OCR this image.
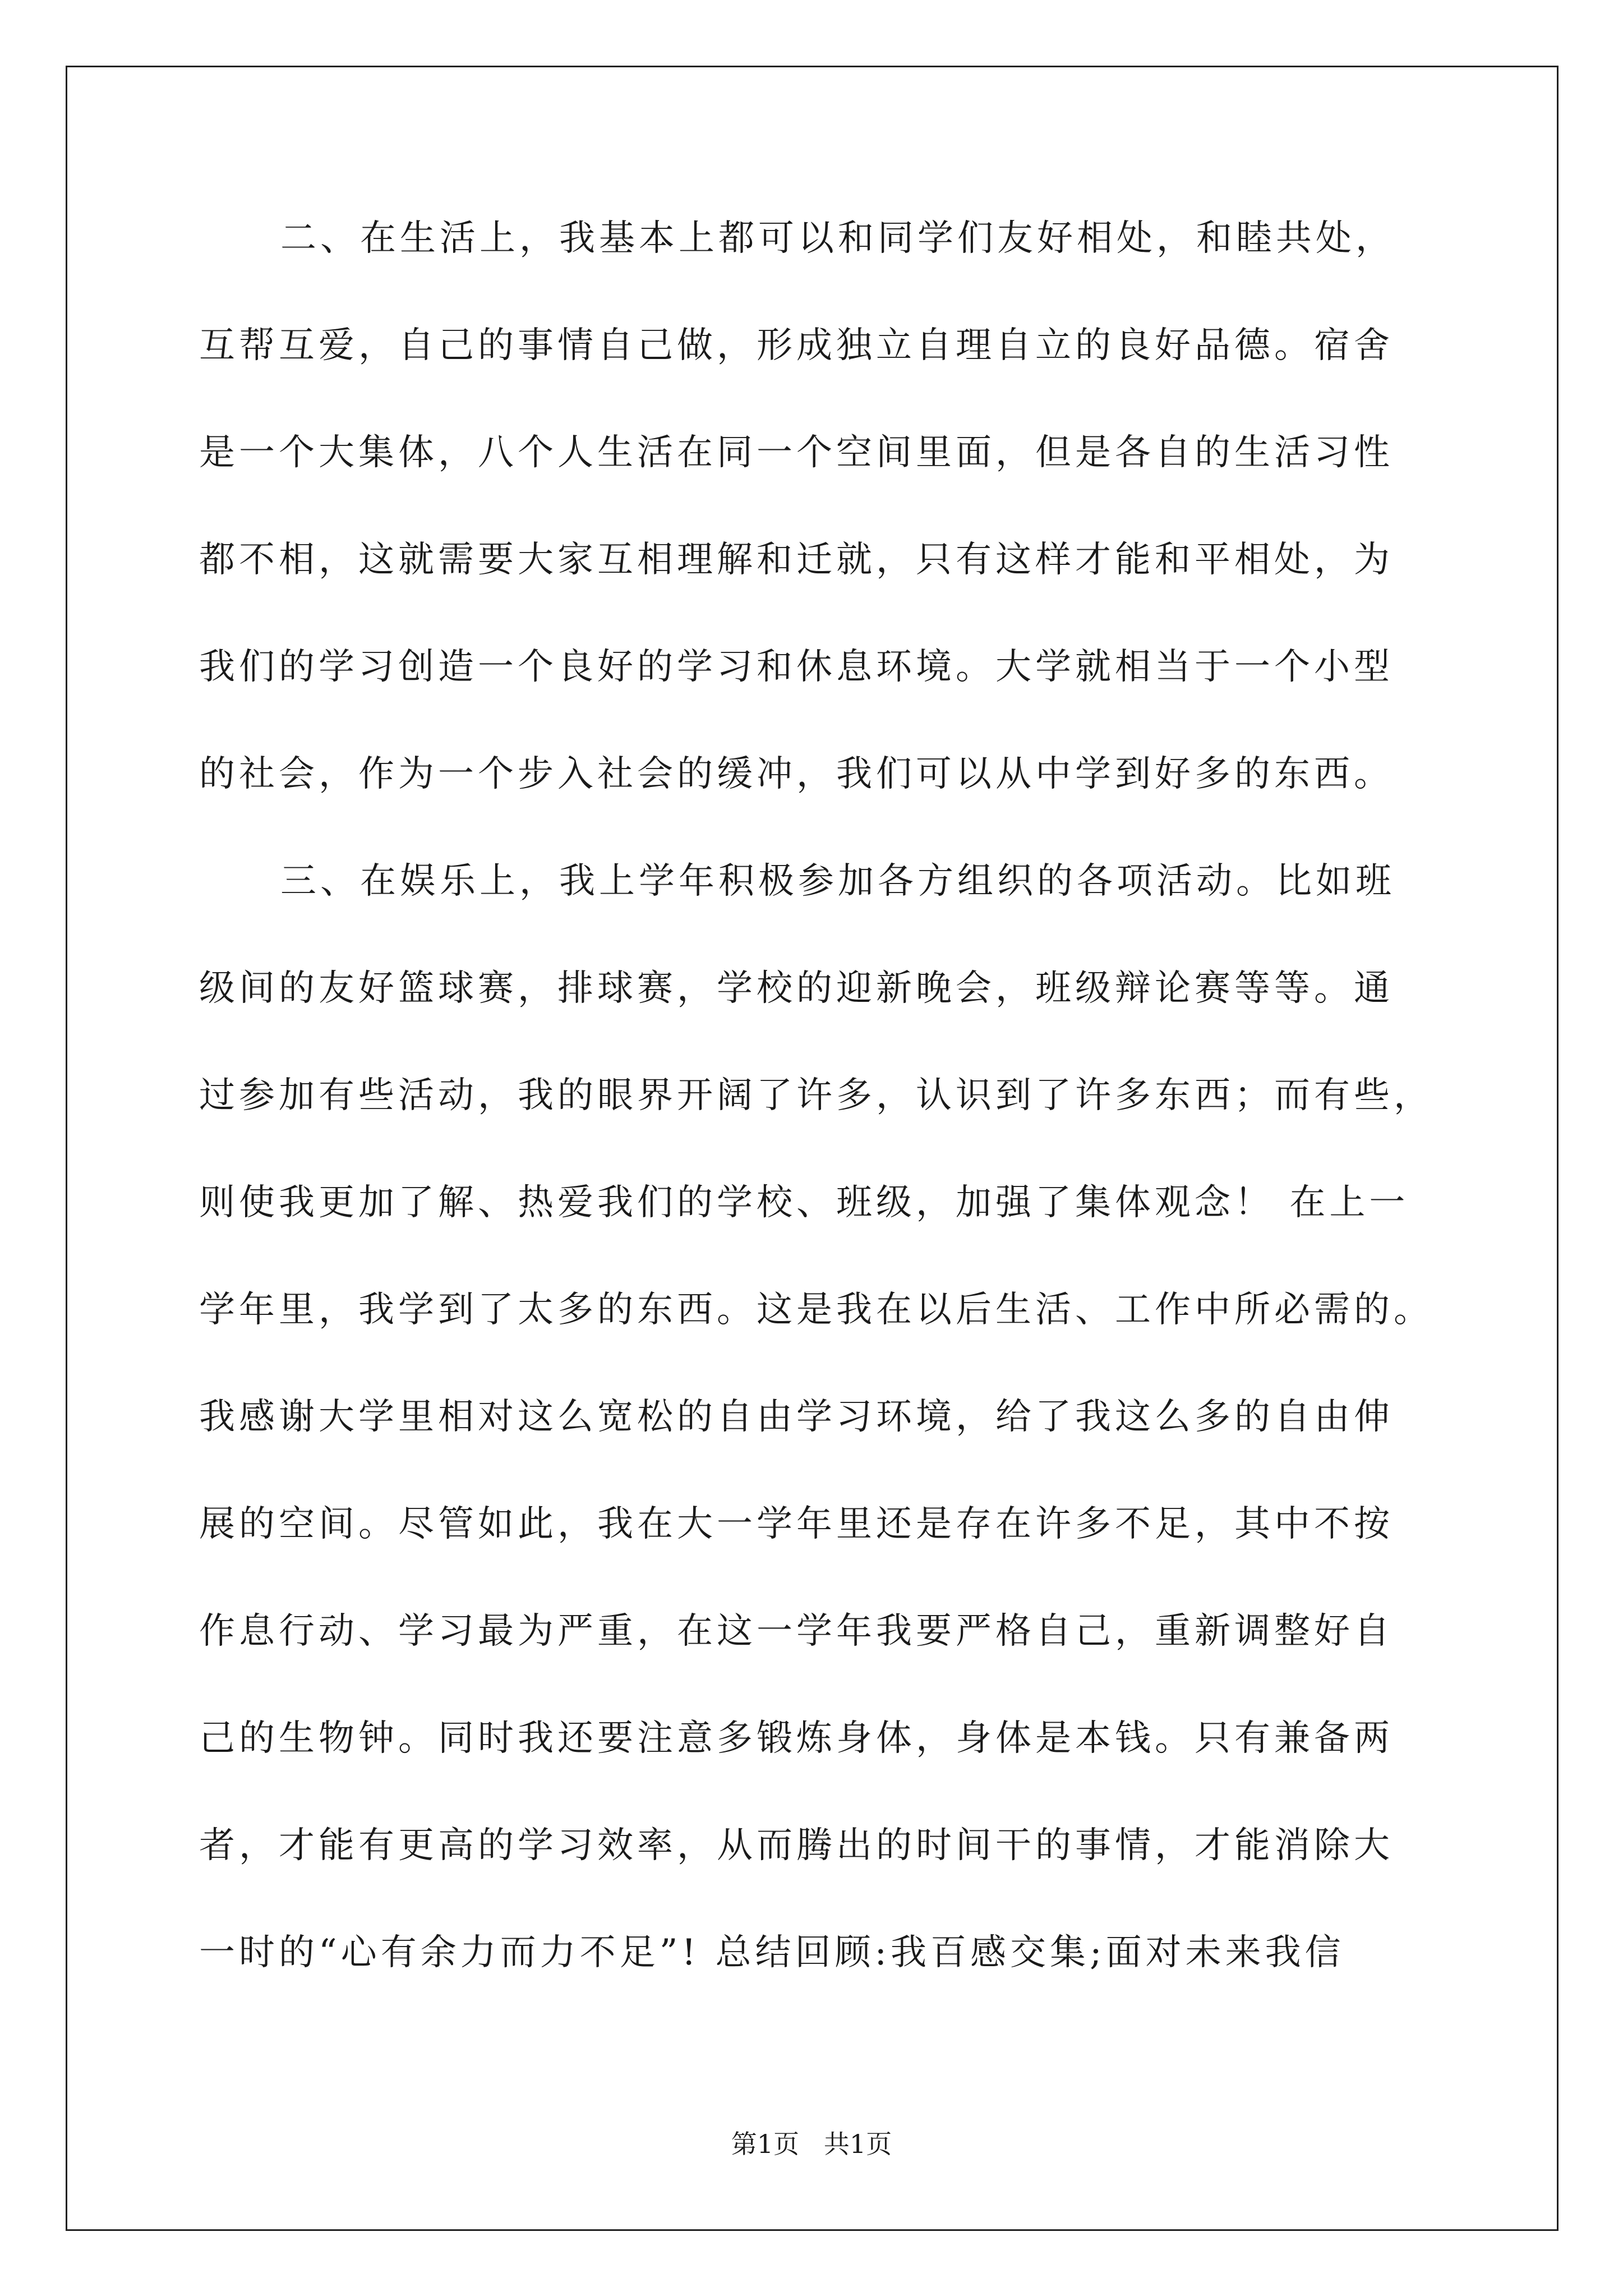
二、在生活上，我基本上都可以和同学们友好相处，和睦共处，
互帮互爱，自己的事情自己做，形成独立自理自立的良好品德。宿舍
是一个大集体，八个人生活在同一个空间里面，但是各自的生活习性
都不相，这就需要大家互相理解和迁就，只有这样才能和平相处，为
我们的学习创造一个良好的学习和休息环境。大学就相当于一个小型
的社会，作为一个步入社会的缓冲，我们可以从中学到好多的东西。
三、在娱乐上，我上学年积极参加各方组织的各项活动。比如班
级间的友好篮球赛，排球赛，学校的迎新晚会，班级辩论赛等等。通
过参加有些活动，我的眼界开阔了许多，认识到了许多东西；而有些，
则使我更加了解、热爱我们的学校、班级，加强了集体观念！ 在上一
学年里，我学到了太多的东西。这是我在以后生活、工作中所必需的。
我感谢大学里相对这么宽松的自由学习环境，给了我这么多的自由伸
展的空间。尽管如此，我在大一学年里还是存在许多不足，其中不按
作息行动、学习最为严重，在这一学年我要严格自己，重新调整好自
己的生物钟。同时我还要注意多锻炼身体，身体是本钱。只有兼备两
者，才能有更高的学习效率，从而腾出的时间干的事情，才能消除大
一时的“心有余力而力不足”! 总结回顾:我百感交集;面对未来我信
第1页   共1页
